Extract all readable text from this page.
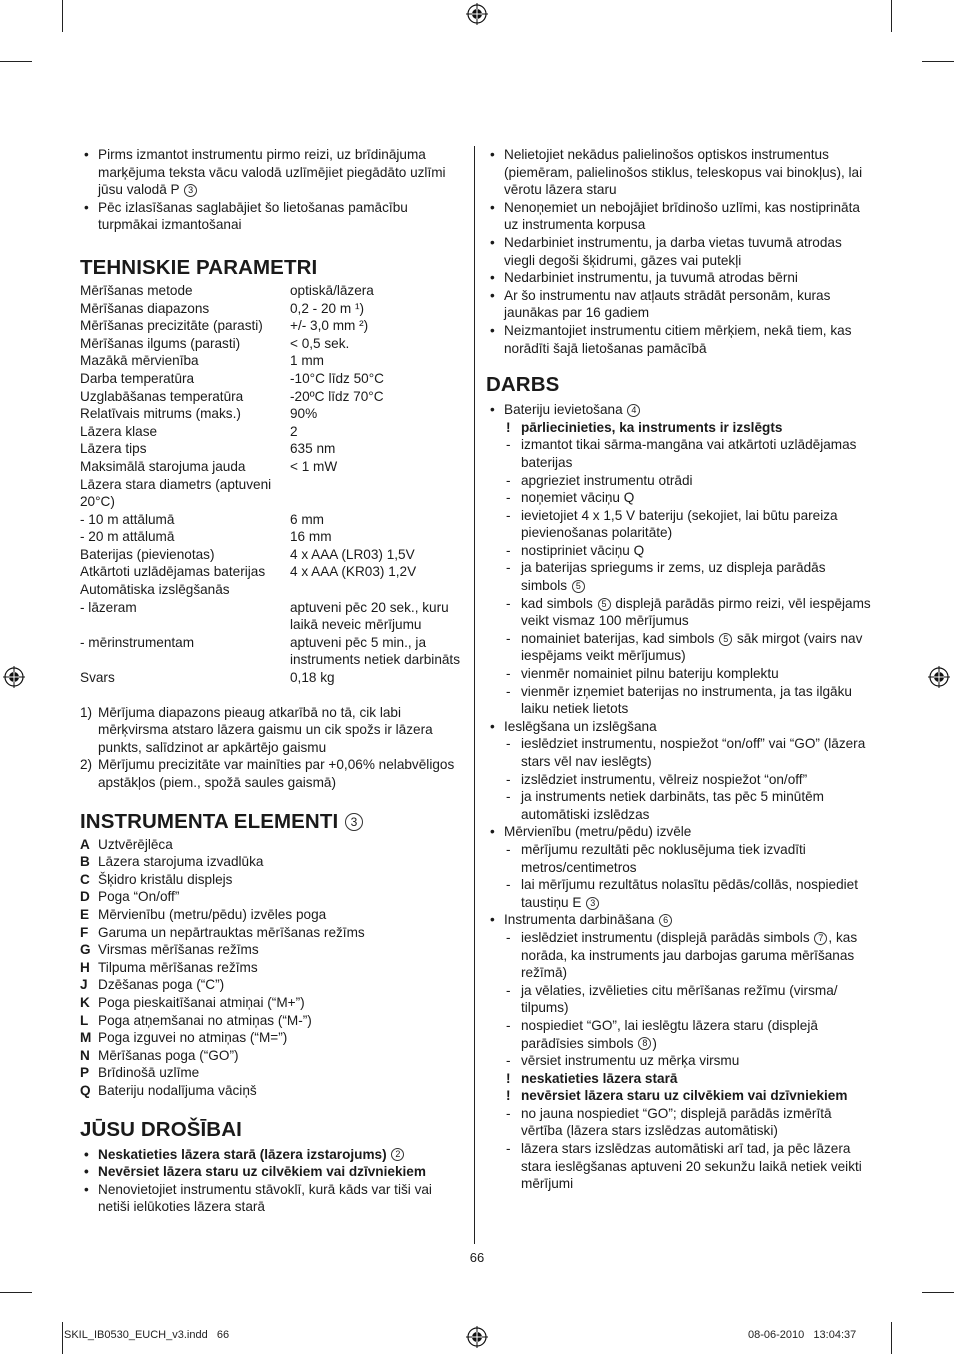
• Pirms izmantot instrumentu pirmo reizi, uz brīdinājuma marķējuma teksta vācu valodā uzlīmējiet piegādāto uzlīmi jūsu valodā P 3
• Pēc izlasīšanas saglabājiet šo lietošanas pamācību turpmākai izmantošanai
TEHNISKIE PARAMETRI
Mērīšanas metode	optiskā/lāzera
Mērīšanas diapazons	0,2 - 20 m ¹)
Mērīšanas precizitāte (parasti)	+/- 3,0 mm ²)
Mērīšanas ilgums (parasti)	< 0,5 sek.
Mazākā mērvienība	1 mm
Darba temperatūra	-10°C līdz 50°C
Uzglabāšanas temperatūra	-20ºC līdz 70°C
Relatīvais mitrums (maks.)	90%
Lāzera klase	2
Lāzera tips	635 nm
Maksimālā starojuma jauda	< 1 mW
Lāzera stara diametrs (aptuveni 20°C)	
- 10 m attālumā	6 mm
- 20 m attālumā	16 mm
Baterijas (pievienotas)	4 x AAA (LR03) 1,5V
Atkārtoti uzlādējamas baterijas	4 x AAA (KR03) 1,2V
Automātiska izslēgšanās	
- lāzeram	aptuveni pēc 20 sek., kuru laikā neveic mērījumu
- mērinstrumentam	aptuveni pēc 5 min., ja instruments netiek darbināts
Svars	0,18 kg
1) Mērījuma diapazons pieaug atkarībā no tā, cik labi mērķvirsma atstaro lāzera gaismu un cik spožs ir lāzera punkts, salīdzinot ar apkārtējo gaismu
2) Mērījumu precizitāte var mainīties par +0,06% nelabvēligos apstākļos (piem., spožā saules gaismā)
INSTRUMENTA ELEMENTI 3
A Uztvērējlēca
B Lāzera starojuma izvadlūka
C Šķidro kristālu displejs
D Poga “On/off”
E Mērvienību (metru/pēdu) izvēles poga
F Garuma un nepārtrauktas mērīšanas režīms
G Virsmas mērīšanas režīms
H Tilpuma mērīšanas režīms
J Dzēšanas poga (“C”)
K Poga pieskaitīšanai atmiņai (“M+”)
L Poga atņemšanai no atmiņas (“M-”)
M Poga izguvei no atmiņas (“M=”)
N Mērīšanas poga (“GO”)
P Brīdinošā uzlīme
Q Bateriju nodalījuma vāciņš
JŪSU DROŠĪBAI
• Neskatieties lāzera starā (lāzera izstarojums) 2
• Nevērsiet lāzera staru uz cilvēkiem vai dzīvniekiem
• Nenovietojiet instrumentu stāvoklī, kurā kāds var tiši vai netiši ielūkoties lāzera starā
• Nelietojiet nekādus palielinošos optiskos instrumentus (piemēram, palielinošos stiklus, teleskopus vai binokļus), lai vērotu lāzera staru
• Nenoņemiet un nebojājiet brīdinošo uzlīmi, kas nostiprināta uz instrumenta korpusa
• Nedarbiniet instrumentu, ja darba vietas tuvumā atrodas viegli degoši šķidrumi, gāzes vai putekļi
• Nedarbiniet instrumentu, ja tuvumā atrodas bērni
• Ar šo instrumentu nav atļauts strādāt personām, kuras jaunākas par 16 gadiem
• Neizmantojiet instrumentu citiem mērķiem, nekā tiem, kas norādīti šajā lietošanas pamācībā
DARBS
• Bateriju ievietošana 4
! pārliecinieties, ka instruments ir izslēgts
- izmantot tikai sārma-mangāna vai atkārtoti uzlādējamas baterijas
- apgrieziet instrumentu otrādi
- noņemiet vāciņu Q
- ievietojiet 4 x 1,5 V bateriju (sekojiet, lai būtu pareiza pievienošanas polaritāte)
- nostipriniet vāciņu Q
- ja baterijas spriegums ir zems, uz displeja parādās simbols 5
- kad simbols 5 displejā parādās pirmo reizi, vēl iespējams veikt vismaz 100 mērījumus
- nomainiet baterijas, kad simbols 5 sāk mirgot (vairs nav iespējams veikt mērījumus)
- vienmēr nomainiet pilnu bateriju komplektu
- vienmēr izņemiet baterijas no instrumenta, ja tas ilgāku laiku netiek lietots
• Ieslēgšana un izslēgšana
- ieslēdziet instrumentu, nospiežot “on/off” vai “GO” (lāzera stars vēl nav ieslēgts)
- izslēdziet instrumentu, vēlreiz nospiežot “on/off”
- ja instruments netiek darbināts, tas pēc 5 minūtēm automātiski izslēdzas
• Mērvienību (metru/pēdu) izvēle
- mērījumu rezultāti pēc noklusējuma tiek izvadīti metros/centimetros
- lai mērījumu rezultātus nolasītu pēdās/collās, nospiediet taustiņu E 3
• Instrumenta darbināšana 6
- ieslēdziet instrumentu (displejā parādās simbols 7 , kas norāda, ka instruments jau darbojas garuma mērīšanas režīmā)
- ja vēlaties, izvēlieties citu mērīšanas režīmu (virsma/ tilpums)
- nospiediet “GO”, lai ieslēgtu lāzera staru (displejā parādīsies simbols 8 )
- vērsiet instrumentu uz mērķa virsmu
! neskatieties lāzera starā
! nevērsiet lāzera staru uz cilvēkiem vai dzīvniekiem
- no jauna nospiediet “GO”; displejā parādās izmērītā vērtība (lāzera stars izslēdzas automātiski)
- lāzera stars izslēdzas automātiski arī tad, ja pēc lāzera stara ieslēgšanas aptuveni 20 sekunžu laikā netiek veikti mērījumi
66
SKIL_IB0530_EUCH_v3.indd   66	08-06-2010   13:04:37
